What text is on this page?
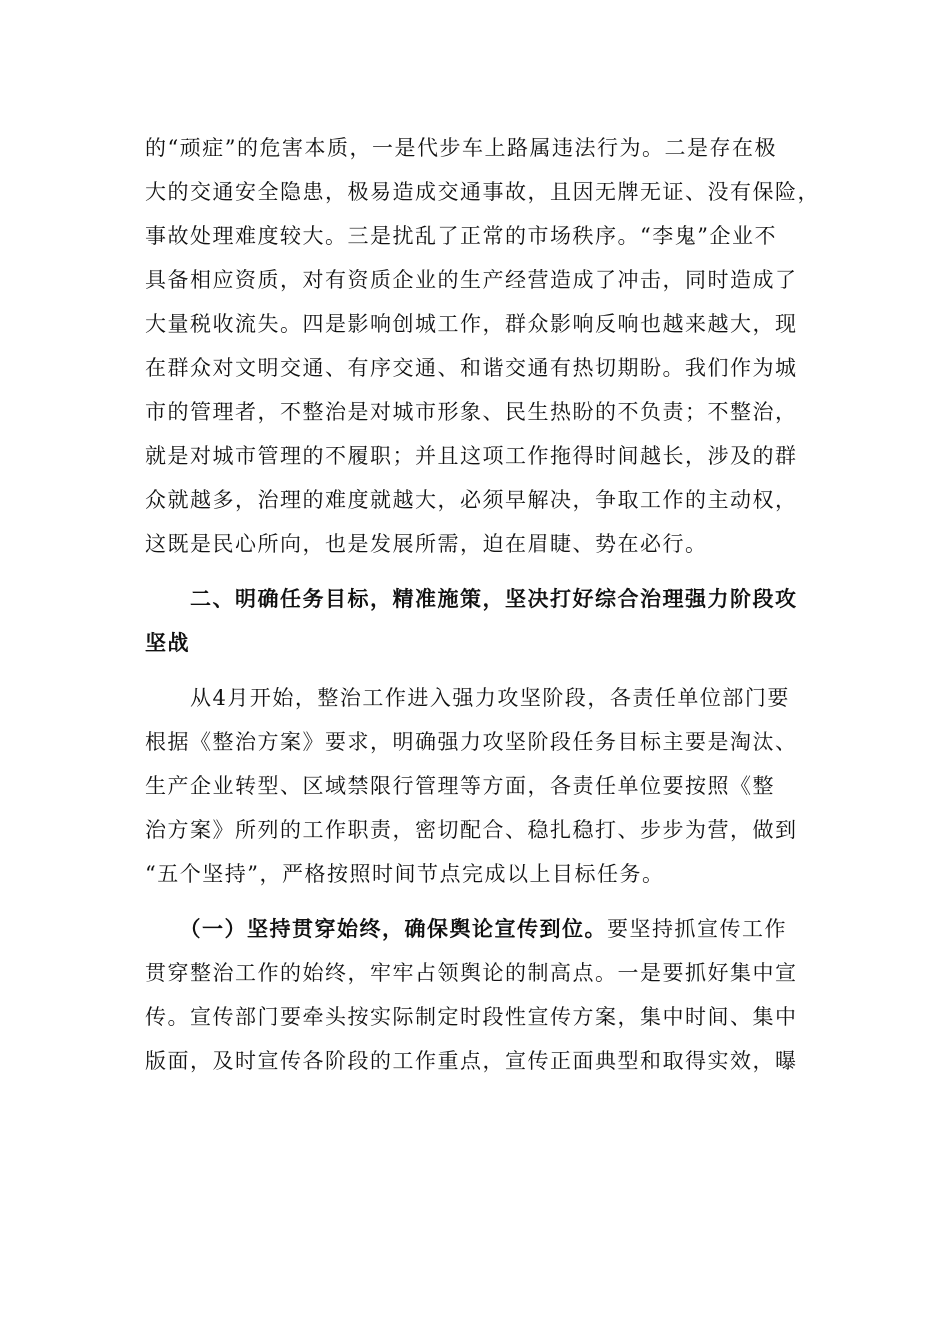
的“顽症”的危害本质，一是代步车上路属违法行为。二是存在极
大的交通安全隐患，极易造成交通事故，且因无牌无证、没有保险，
事故处理难度较大。三是扰乱了正常的市场秩序。“李鬼”企业不
具备相应资质，对有资质企业的生产经营造成了冲击，同时造成了
大量税收流失。四是影响创城工作，群众影响反响也越来越大，现
在群众对文明交通、有序交通、和谐交通有热切期盼。我们作为城
市的管理者，不整治是对城市形象、民生热盼的不负责；不整治，
就是对城市管理的不履职；并且这项工作拖得时间越长，涉及的群
众就越多，治理的难度就越大，必须早解决，争取工作的主动权，
这既是民心所向，也是发展所需，迫在眉睫、势在必行。
　　二、明确任务目标，精准施策，坚决打好综合治理强力阶段攻
坚战
　　从4月开始，整治工作进入强力攻坚阶段，各责任单位部门要
根据《整治方案》要求，明确强力攻坚阶段任务目标主要是淘汰、
生产企业转型、区域禁限行管理等方面，各责任单位要按照《整
治方案》所列的工作职责，密切配合、稳扎稳打、步步为营，做到
“五个坚持”，严格按照时间节点完成以上目标任务。
　　（一）坚持贯穿始终，确保舆论宣传到位。要坚持抓宣传工作
贯穿整治工作的始终，牢牢占领舆论的制高点。一是要抓好集中宣
传。宣传部门要牵头按实际制定时段性宣传方案，集中时间、集中
版面，及时宣传各阶段的工作重点，宣传正面典型和取得实效，曝
